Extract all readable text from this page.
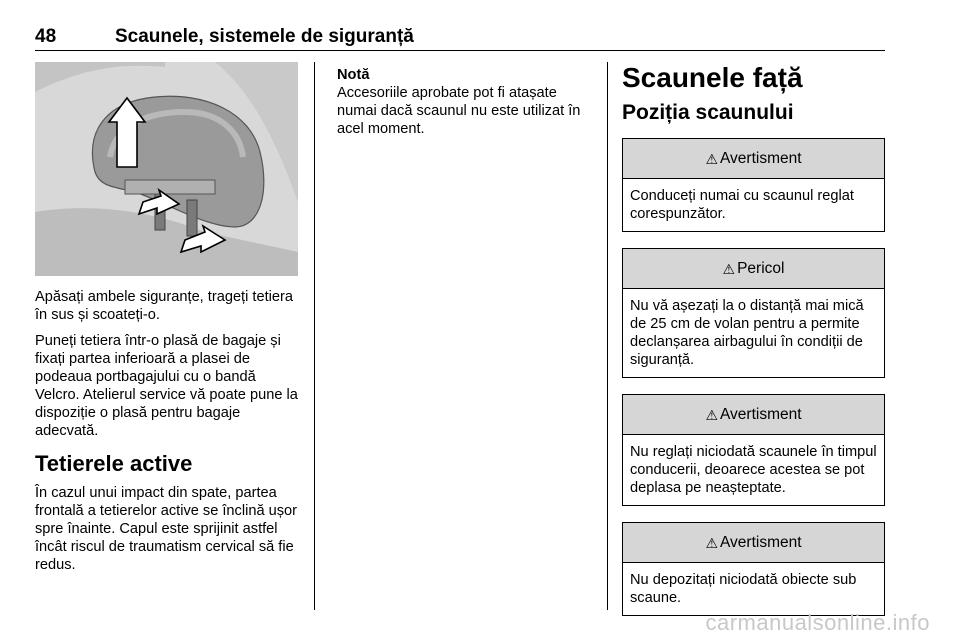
48	Scaunele, sistemele de siguranță

Apăsați ambele siguranțe, trageți tetiera în sus și scoateți-o.

Puneți tetiera într-o plasă de bagaje și fixați partea inferioară a plasei de podeaua portbagajului cu o bandă Velcro. Atelierul service vă poate pune la dispoziție o plasă pentru bagaje adecvată.

Tetierele active

În cazul unui impact din spate, partea frontală a tetierelor active se înclină ușor spre înainte. Capul este sprijinit astfel încât riscul de traumatism cervical să fie redus.

Notă
Accesoriile aprobate pot fi atașate numai dacă scaunul nu este utilizat în acel moment.
Scaunele față
Poziția scaunului
⚠ Avertisment
Conduceți numai cu scaunul reglat corespunzător.
⚠ Pericol
Nu vă așezați la o distanță mai mică de 25 cm de volan pentru a permite declanșarea airbagului în condiții de siguranță.
⚠ Avertisment
Nu reglați niciodată scaunele în timpul conducerii, deoarece acestea se pot deplasa pe neașteptate.
⚠ Avertisment
Nu depozitați niciodată obiecte sub scaune.
carmanualsonline.info
